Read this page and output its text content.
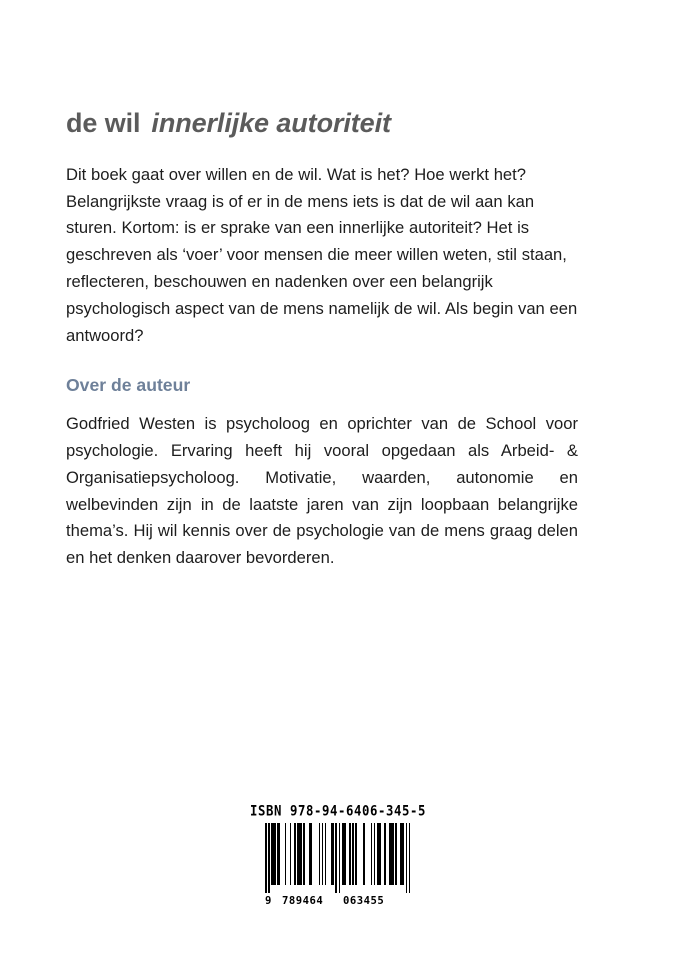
de wil innerlijke autoriteit

Dit boek gaat over willen en de wil. Wat is het? Hoe werkt het? Belangrijkste vraag is of er in de mens iets is dat de wil aan kan sturen. Kortom: is er sprake van een innerlijke autoriteit? Het is geschreven als ‘voer’ voor mensen die meer willen weten, stil staan, reflecteren, beschouwen en nadenken over een belangrijk psychologisch aspect van de mens namelijk de wil. Als begin van een antwoord?

Over de auteur

Godfried Westen is psycholoog en oprichter van de School voor psychologie. Ervaring heeft hij vooral opgedaan als Arbeid- & Organisatiepsycholoog. Motivatie, waarden, autonomie en welbevinden zijn in de laatste jaren van zijn loopbaan belangrijke thema’s. Hij wil kennis over de psychologie van de mens graag delen en het denken daarover bevorderen.

ISBN 978-94-6406-345-5
9 789464 063455
